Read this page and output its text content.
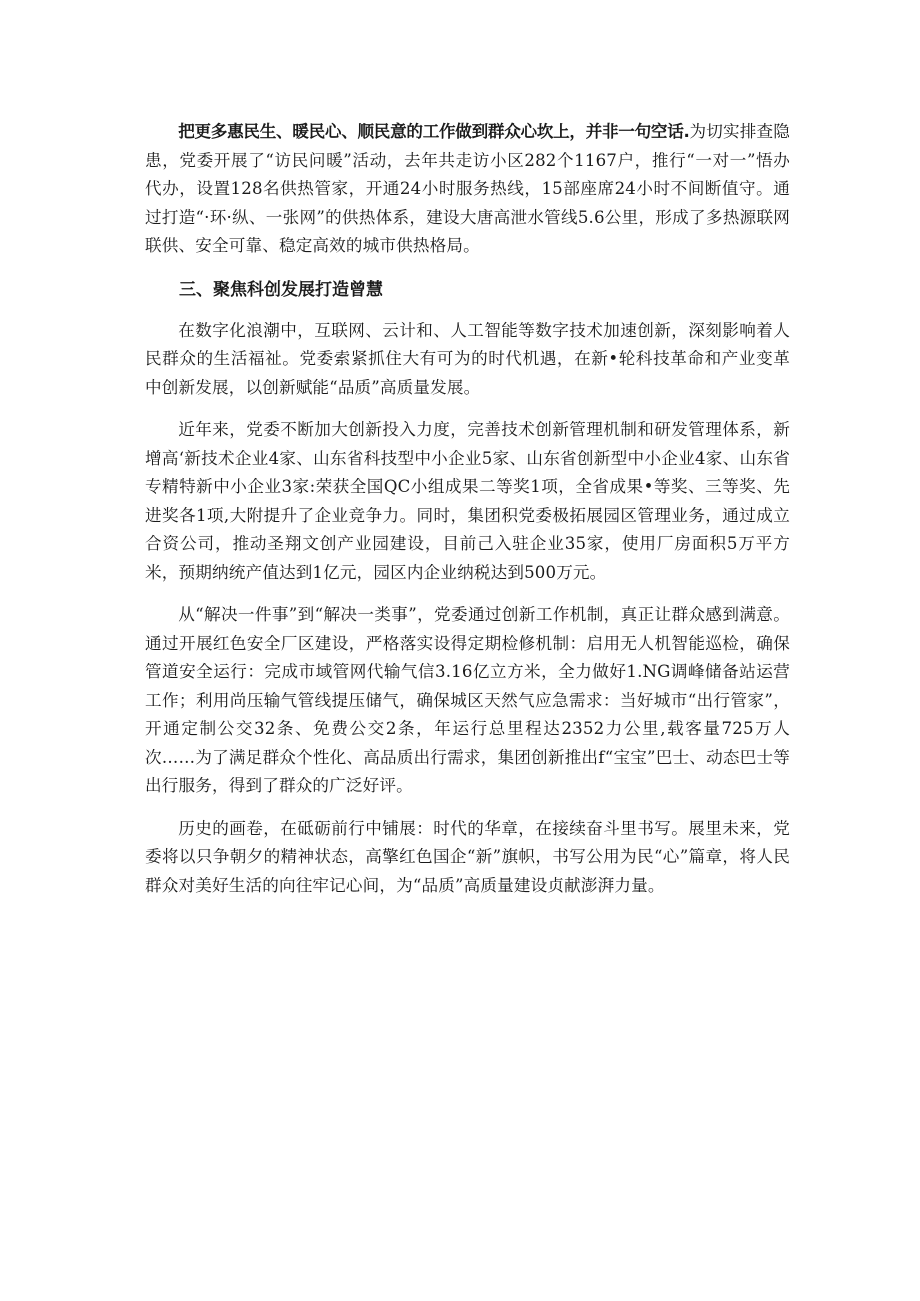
把更多惠民生、暖民心、顺民意的工作做到群众心坎上，并非一句空话.为切实排查隐患，党委开展了“访民问暖”活动，去年共走访小区282个1167户，推行“一对一”悟办代办，设置128名供热管家，开通24小时服务热线，15部座席24小时不间断值守。通过打造“·环·纵、一张网”的供热体系，建设大唐高泄水管线5.6公里，形成了多热源联网联供、安全可靠、稳定高效的城市供热格局。

三、聚焦科创发展打造曾慧

在数字化浪潮中，互联网、云计和、人工智能等数字技术加速创新，深刻影响着人民群众的生活福祉。党委索紧抓住大有可为的时代机遇，在新•轮科技革命和产业变革中创新发展，以创新赋能“品质”高质量发展。

近年来，党委不断加大创新投入力度，完善技术创新管理机制和研发管理体系，新增高‘新技术企业4家、山东省科技型中小企业5家、山东省创新型中小企业4家、山东省专精特新中小企业3家:荣获全国QC小组成果二等奖1项，全省成果•等奖、三等奖、先进奖各1项,大附提升了企业竞争力。同时，集团积党委极拓展园区管理业务，通过成立合资公司，推动圣翔文创产业园建设，目前己入驻企业35家，使用厂房面积5万平方米，预期纳统产值达到1亿元，园区内企业纳税达到500万元。

从“解决一件事”到“解决一类事”，党委通过创新工作机制，真正让群众感到满意。通过开展红色安全厂区建设，严格落实设得定期检修机制：启用无人机智能巡检，确保管道安全运行：完成市域管网代输气信3.16亿立方米，全力做好1.NG调峰储备站运营工作；利用尚压输气管线提压储气，确保城区天然气应急需求：当好城市“出行管家”，开通定制公交32条、免费公交2条，年运行总里程达2352力公里,载客量725万人次……为了满足群众个性化、高品质出行需求，集团创新推出f“宝宝”巴士、动态巴士等出行服务，得到了群众的广泛好评。

历史的画卷，在砥砺前行中铺展：时代的华章，在接续奋斗里书写。展里未来，党委将以只争朝夕的精神状态，高擎红色国企“新”旗帜，书写公用为民“心”篇章，将人民群众对美好生活的向往牢记心间，为“品质”高质量建设贞献澎湃力量。
